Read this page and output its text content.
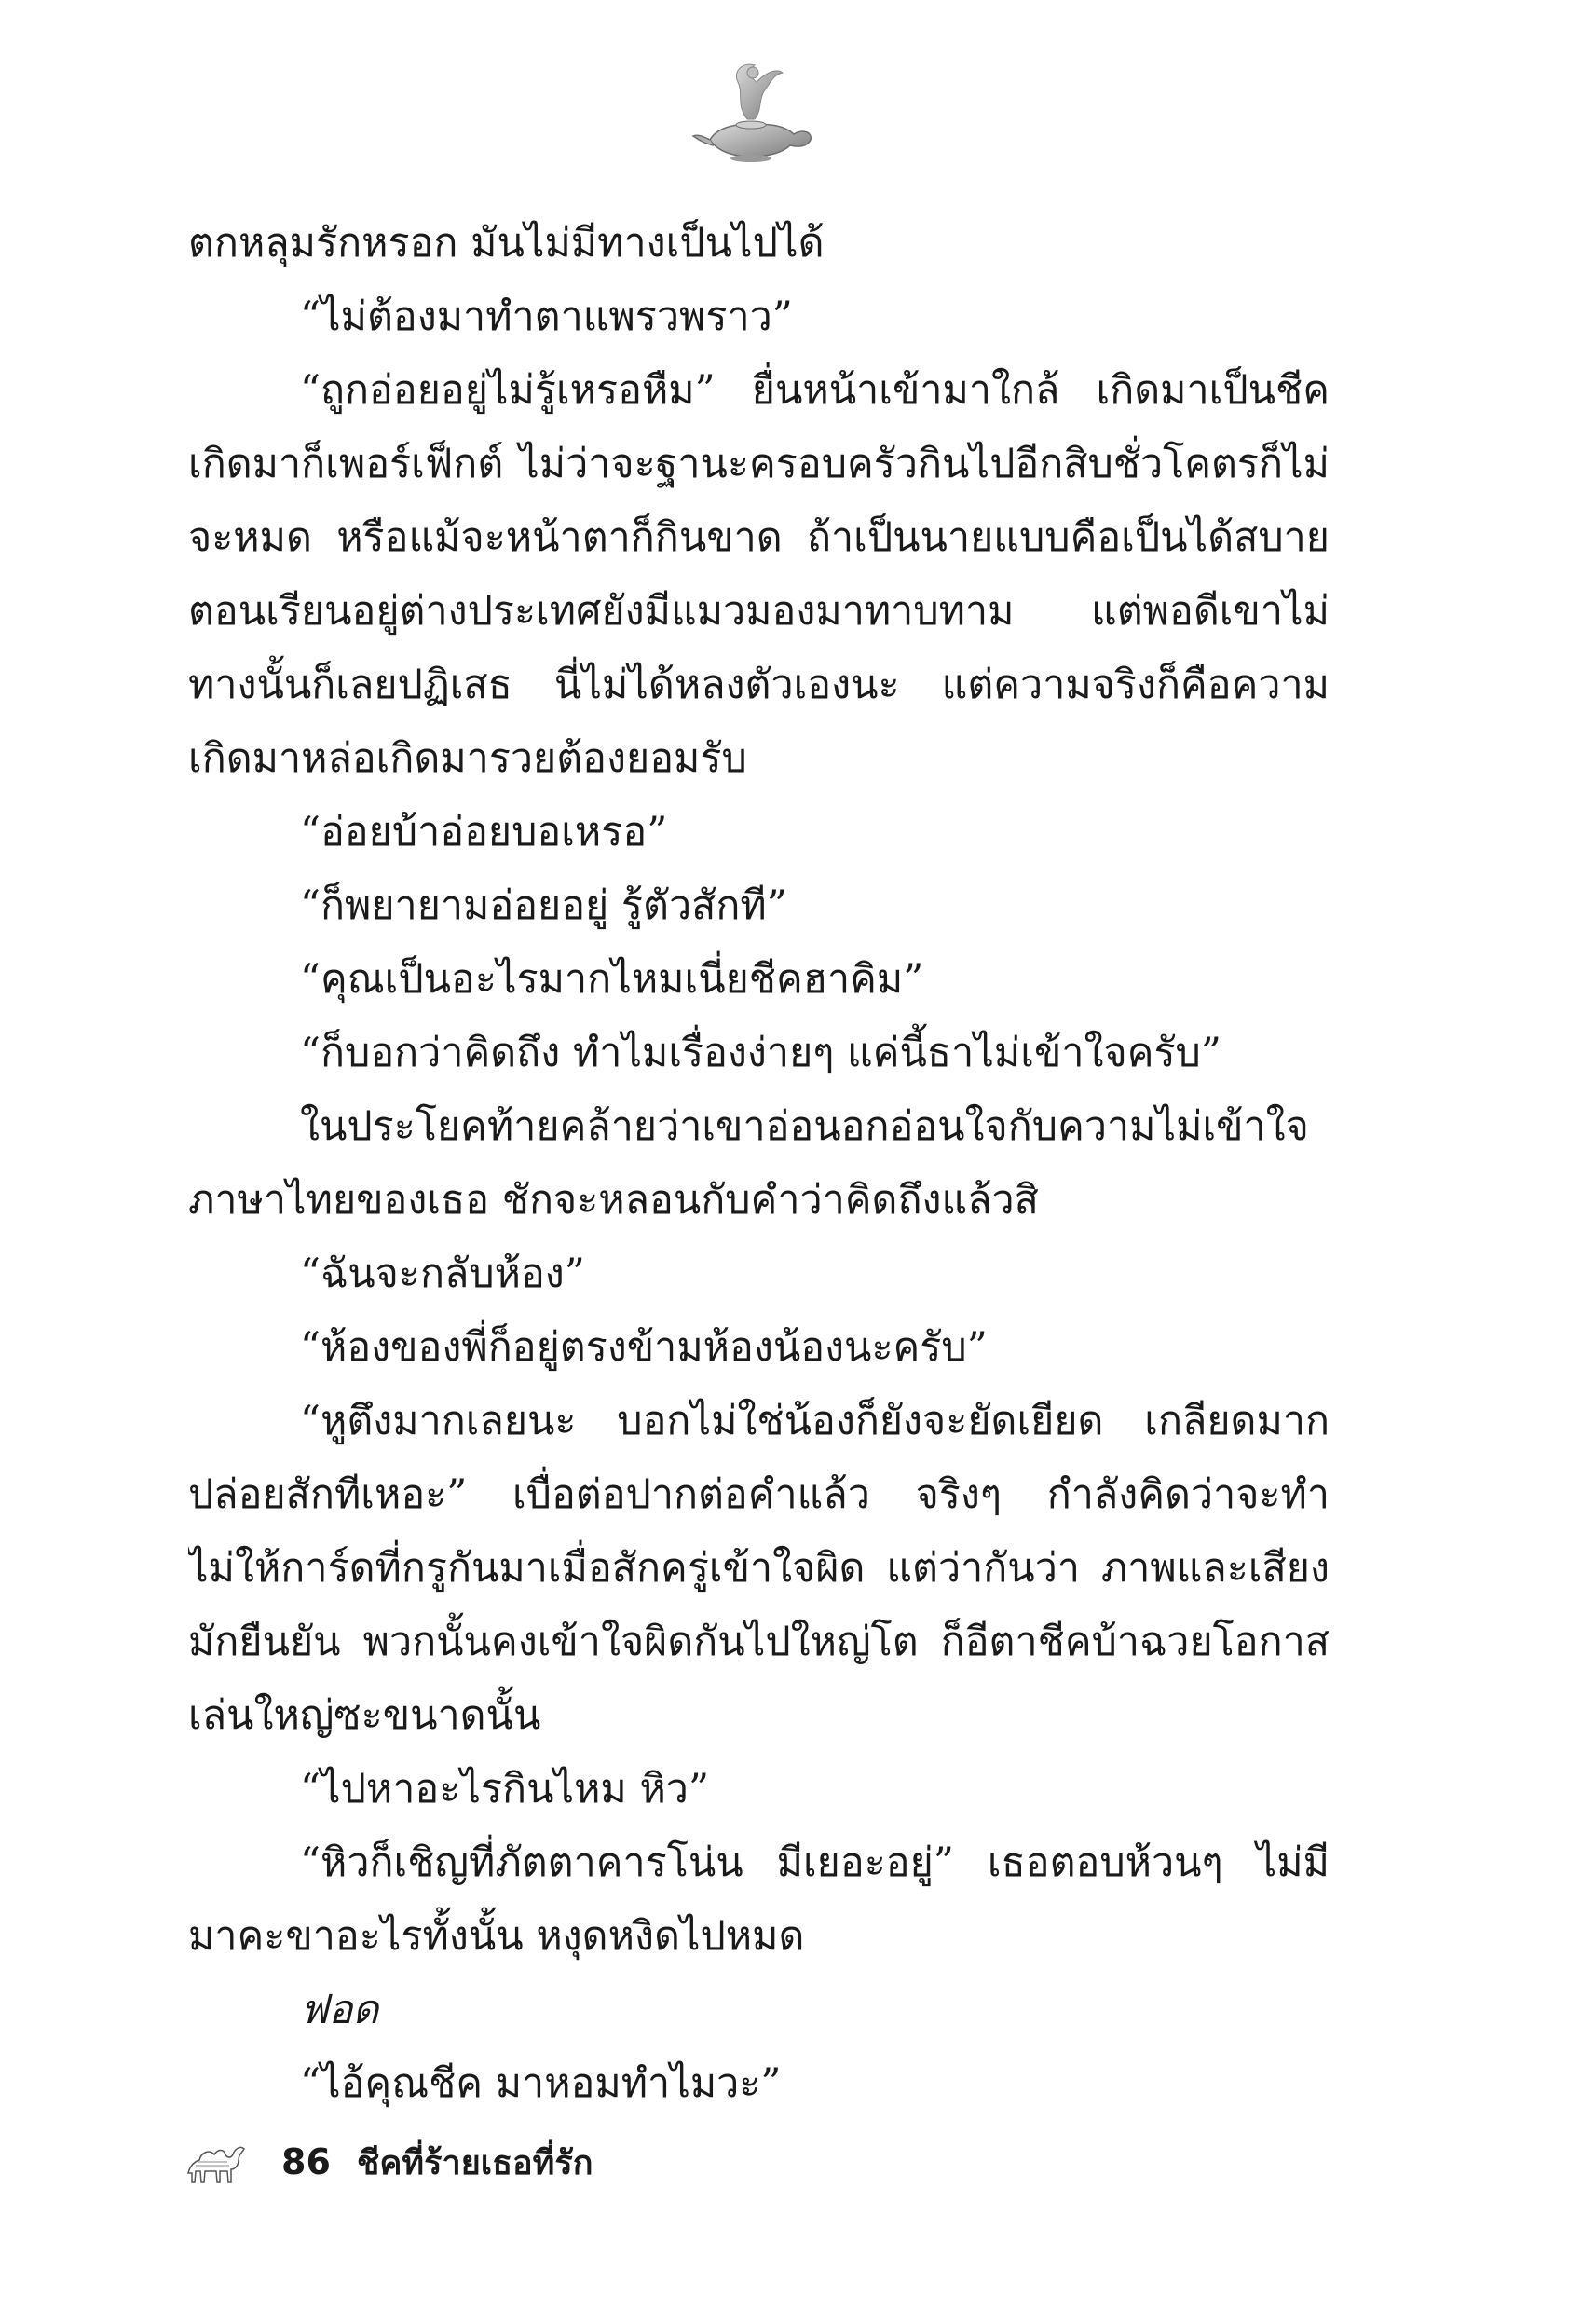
ตกหลุมรักหรอก มันไม่มีทางเป็นไปได้
“ไม่ต้องมาทำตาแพรวพราว”
“ถูกอ่อยอยู่ไม่รู้เหรอหืม” ยื่นหน้าเข้ามาใกล้ เกิดมาเป็นชีค
เกิดมาก็เพอร์เฟ็กต์ ไม่ว่าจะฐานะครอบครัวกินไปอีกสิบชั่วโคตรก็ไม่
จะหมด หรือแม้จะหน้าตาก็กินขาด ถ้าเป็นนายแบบคือเป็นได้สบาย
ตอนเรียนอยู่ต่างประเทศยังมีแมวมองมาทาบทาม แต่พอดีเขาไม่
ทางนั้นก็เลยปฏิเสธ นี่ไม่ได้หลงตัวเองนะ แต่ความจริงก็คือความ
เกิดมาหล่อเกิดมารวยต้องยอมรับ
“อ่อยบ้าอ่อยบอเหรอ”
“ก็พยายามอ่อยอยู่ รู้ตัวสักที”
“คุณเป็นอะไรมากไหมเนี่ยชีคฮาคิม”
“ก็บอกว่าคิดถึง ทำไมเรื่องง่ายๆ แค่นี้ธาไม่เข้าใจครับ”
ในประโยคท้ายคล้ายว่าเขาอ่อนอกอ่อนใจกับความไม่เข้าใจ
ภาษาไทยของเธอ ชักจะหลอนกับคำว่าคิดถึงแล้วสิ
“ฉันจะกลับห้อง”
“ห้องของพี่ก็อยู่ตรงข้ามห้องน้องนะครับ”
“หูตึงมากเลยนะ บอกไม่ใช่น้องก็ยังจะยัดเยียด เกลียดมาก
ปล่อยสักทีเหอะ” เบื่อต่อปากต่อคำแล้ว จริงๆ กำลังคิดว่าจะทำ
ไม่ให้การ์ดที่กรูกันมาเมื่อสักครู่เข้าใจผิด แต่ว่ากันว่า ภาพและเสียง
มักยืนยัน พวกนั้นคงเข้าใจผิดกันไปใหญ่โต ก็อีตาชีคบ้าฉวยโอกาส
เล่นใหญ่ซะขนาดนั้น
“ไปหาอะไรกินไหม หิว”
“หิวก็เชิญที่ภัตตาคารโน่น มีเยอะอยู่” เธอตอบห้วนๆ ไม่มี
มาคะขาอะไรทั้งนั้น หงุดหงิดไปหมด
ฟอด
“ไอ้คุณชีค มาหอมทำไมวะ”
86 ชีคที่ร้ายเธอที่รัก
